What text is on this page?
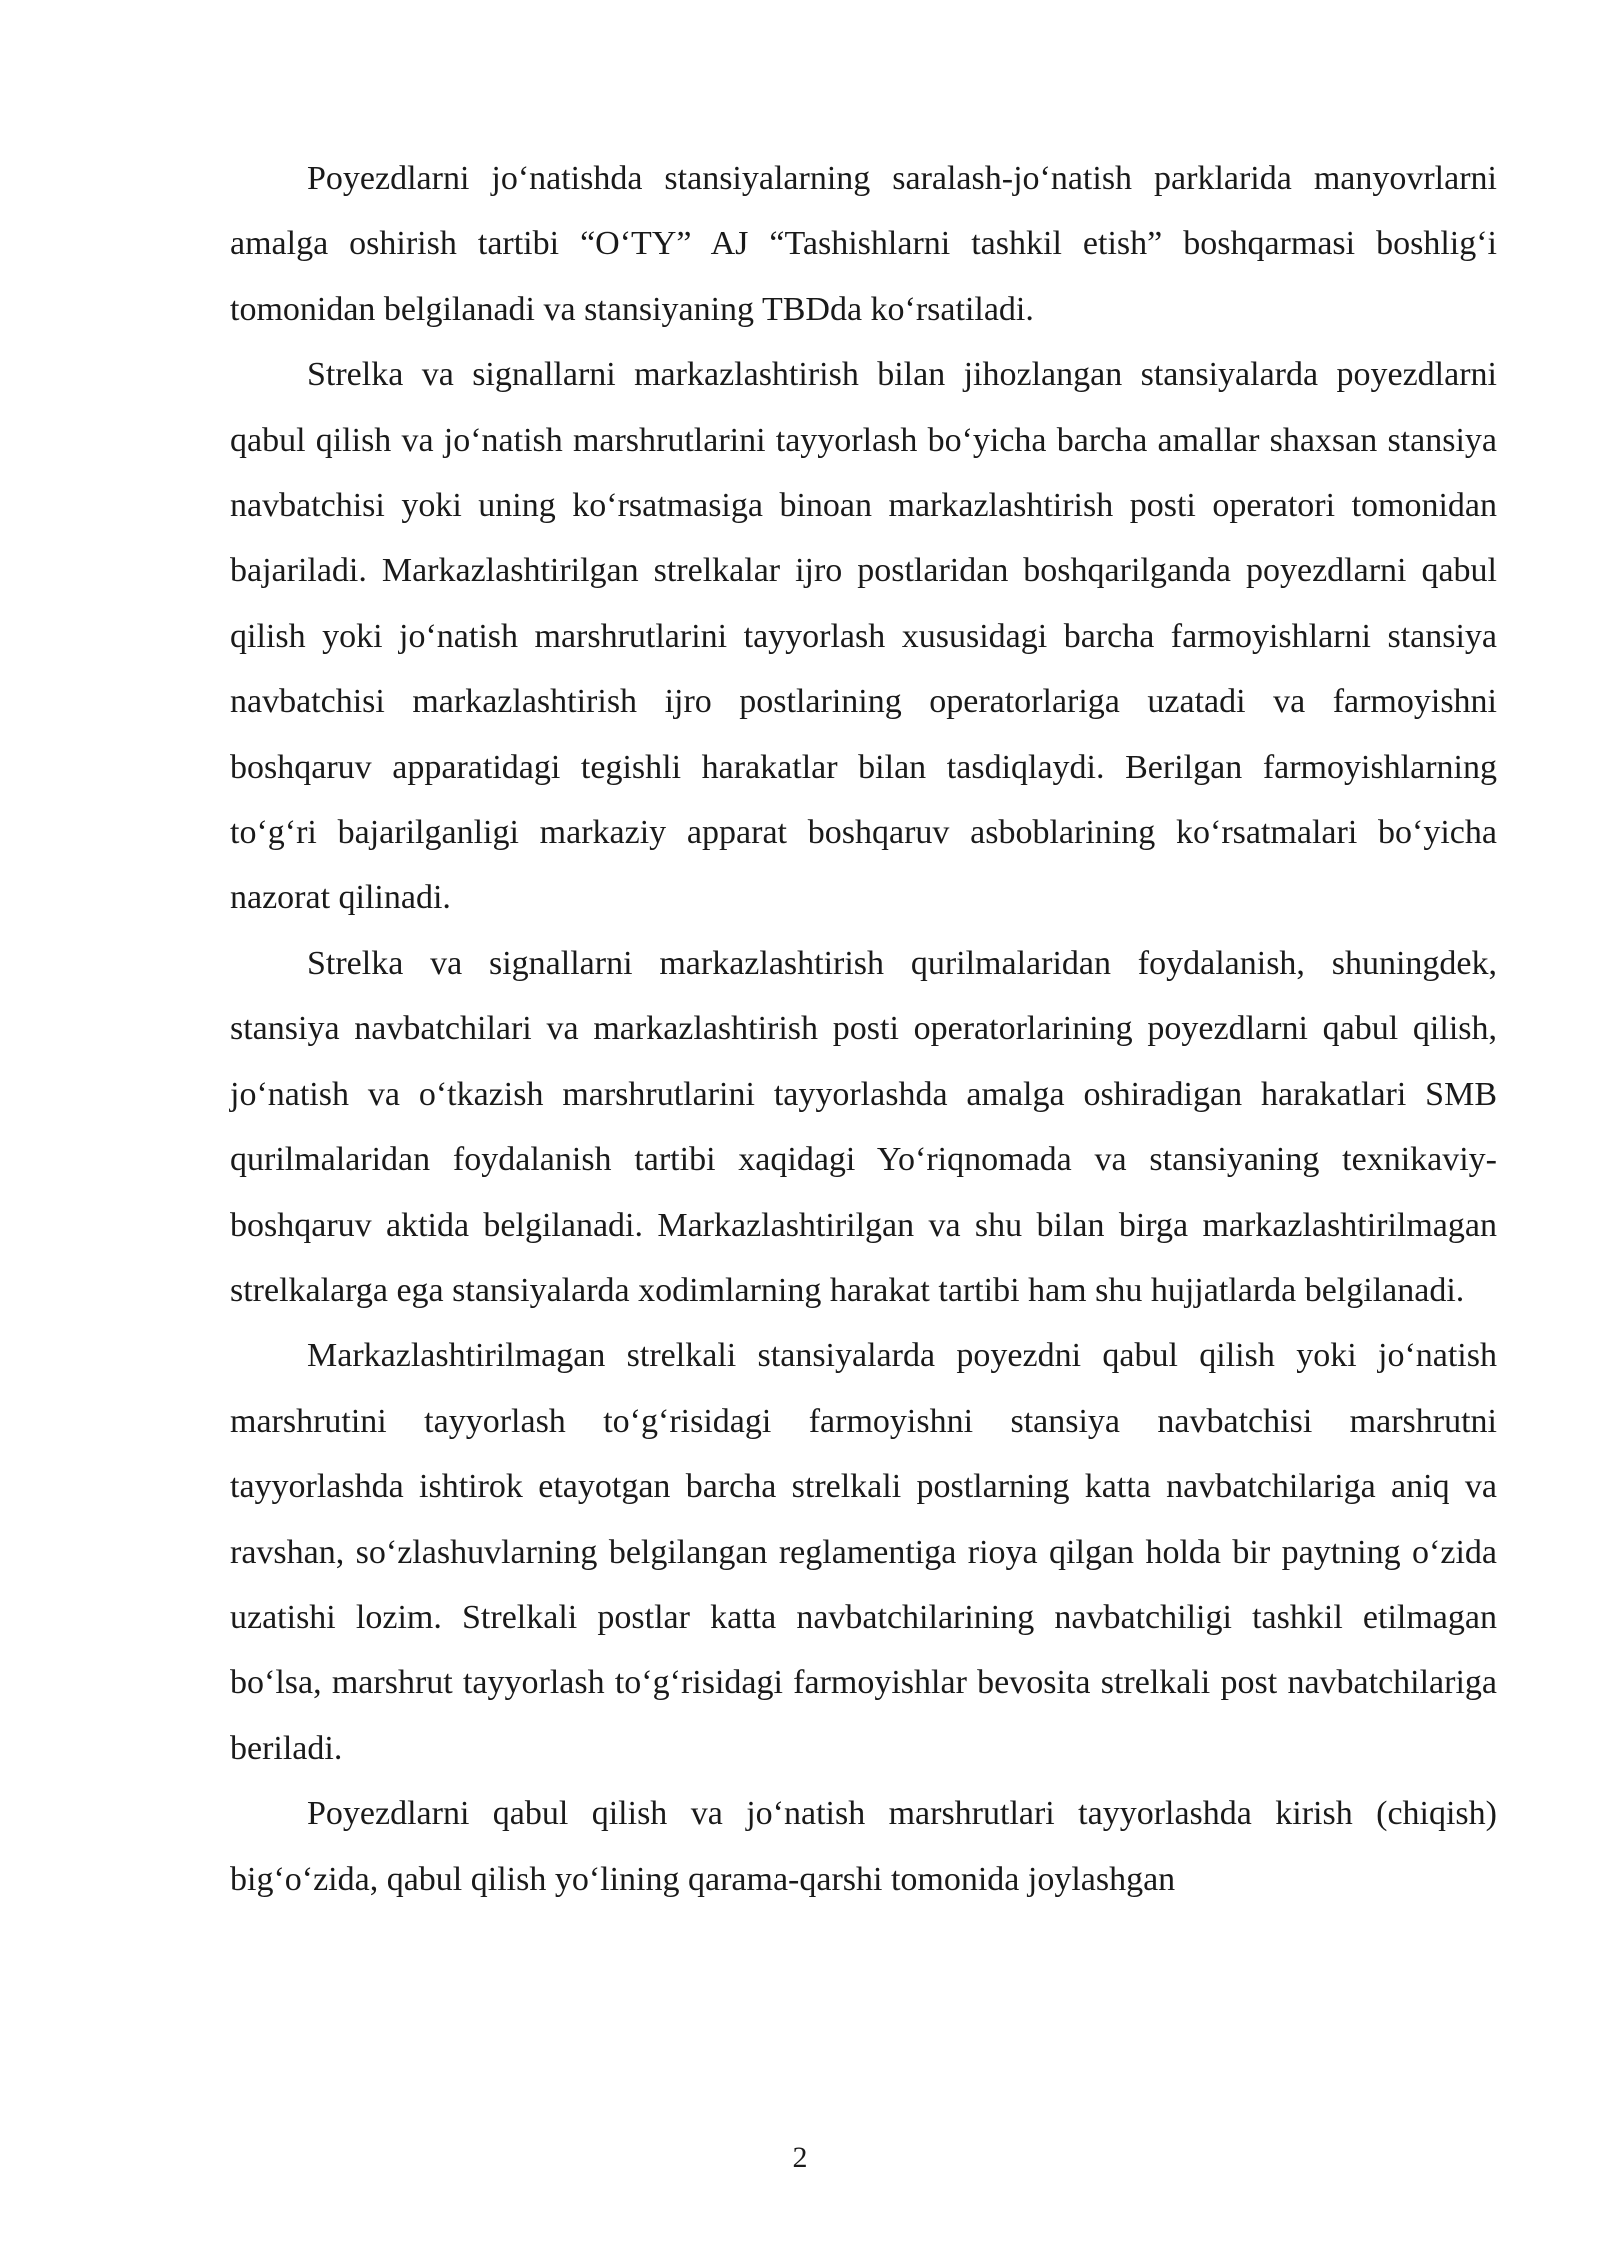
Poyezdlarni jo‘natishda stansiyalarning saralash-jo‘natish parklarida manyovrlarni amalga oshirish tartibi “O‘TY” AJ “Tashishlarni tashkil etish” boshqarmasi boshlig‘i tomonidan belgilanadi va stansiyaning TBDda ko‘rsatiladi.

Strelka va signallarni markazlashtirish bilan jihozlangan stansiyalarda poyezdlarni qabul qilish va jo‘natish marshrutlarini tayyorlash bo‘yicha barcha amallar shaxsan stansiya navbatchisi yoki uning ko‘rsatmasiga binoan markazlashtirish posti operatori tomonidan bajariladi. Markazlashtirilgan strelkalar ijro postlaridan boshqarilganda poyezdlarni qabul qilish yoki jo‘natish marshrutlarini tayyorlash xususidagi barcha farmoyishlarni stansiya navbatchisi markazlashtirish ijro postlarining operatorlariga uzatadi va farmoyishni boshqaruv apparatidagi tegishli harakatlar bilan tasdiqlaydi. Berilgan farmoyishlarning to‘g‘ri bajarilganligi markaziy apparat boshqaruv asboblarining ko‘rsatmalari bo‘yicha nazorat qilinadi.

Strelka va signallarni markazlashtirish qurilmalaridan foydalanish, shuningdek, stansiya navbatchilari va markazlashtirish posti operatorlarining poyezdlarni qabul qilish, jo‘natish va o‘tkazish marshrutlarini tayyorlashda amalga oshiradigan harakatlari SMB qurilmalaridan foydalanish tartibi xaqidagi Yo‘riqnomada va stansiyaning texnikaviy- boshqaruv aktida belgilanadi. Markazlashtirilgan va shu bilan birga markazlashtirilmagan strelkalarga ega stansiyalarda xodimlarning harakat tartibi ham shu hujjatlarda belgilanadi.

Markazlashtirilmagan strelkali stansiyalarda poyezdni qabul qilish yoki jo‘natish marshrutini tayyorlash to‘g‘risidagi farmoyishni stansiya navbatchisi marshrutni tayyorlashda ishtirok etayotgan barcha strelkali postlarning katta navbatchilariga aniq va ravshan, so‘zlashuvlarning belgilangan reglamentiga rioya qilgan holda bir paytning o‘zida uzatishi lozim. Strelkali postlar katta navbatchilarining navbatchiligi tashkil etilmagan bo‘lsa, marshrut tayyorlash to‘g‘risidagi farmoyishlar bevosita strelkali post navbatchilariga beriladi.

Poyezdlarni qabul qilish va jo‘natish marshrutlari tayyorlashda kirish (chiqish) big‘o‘zida, qabul qilish yo‘lining qarama-qarshi tomonida joylashgan

2
